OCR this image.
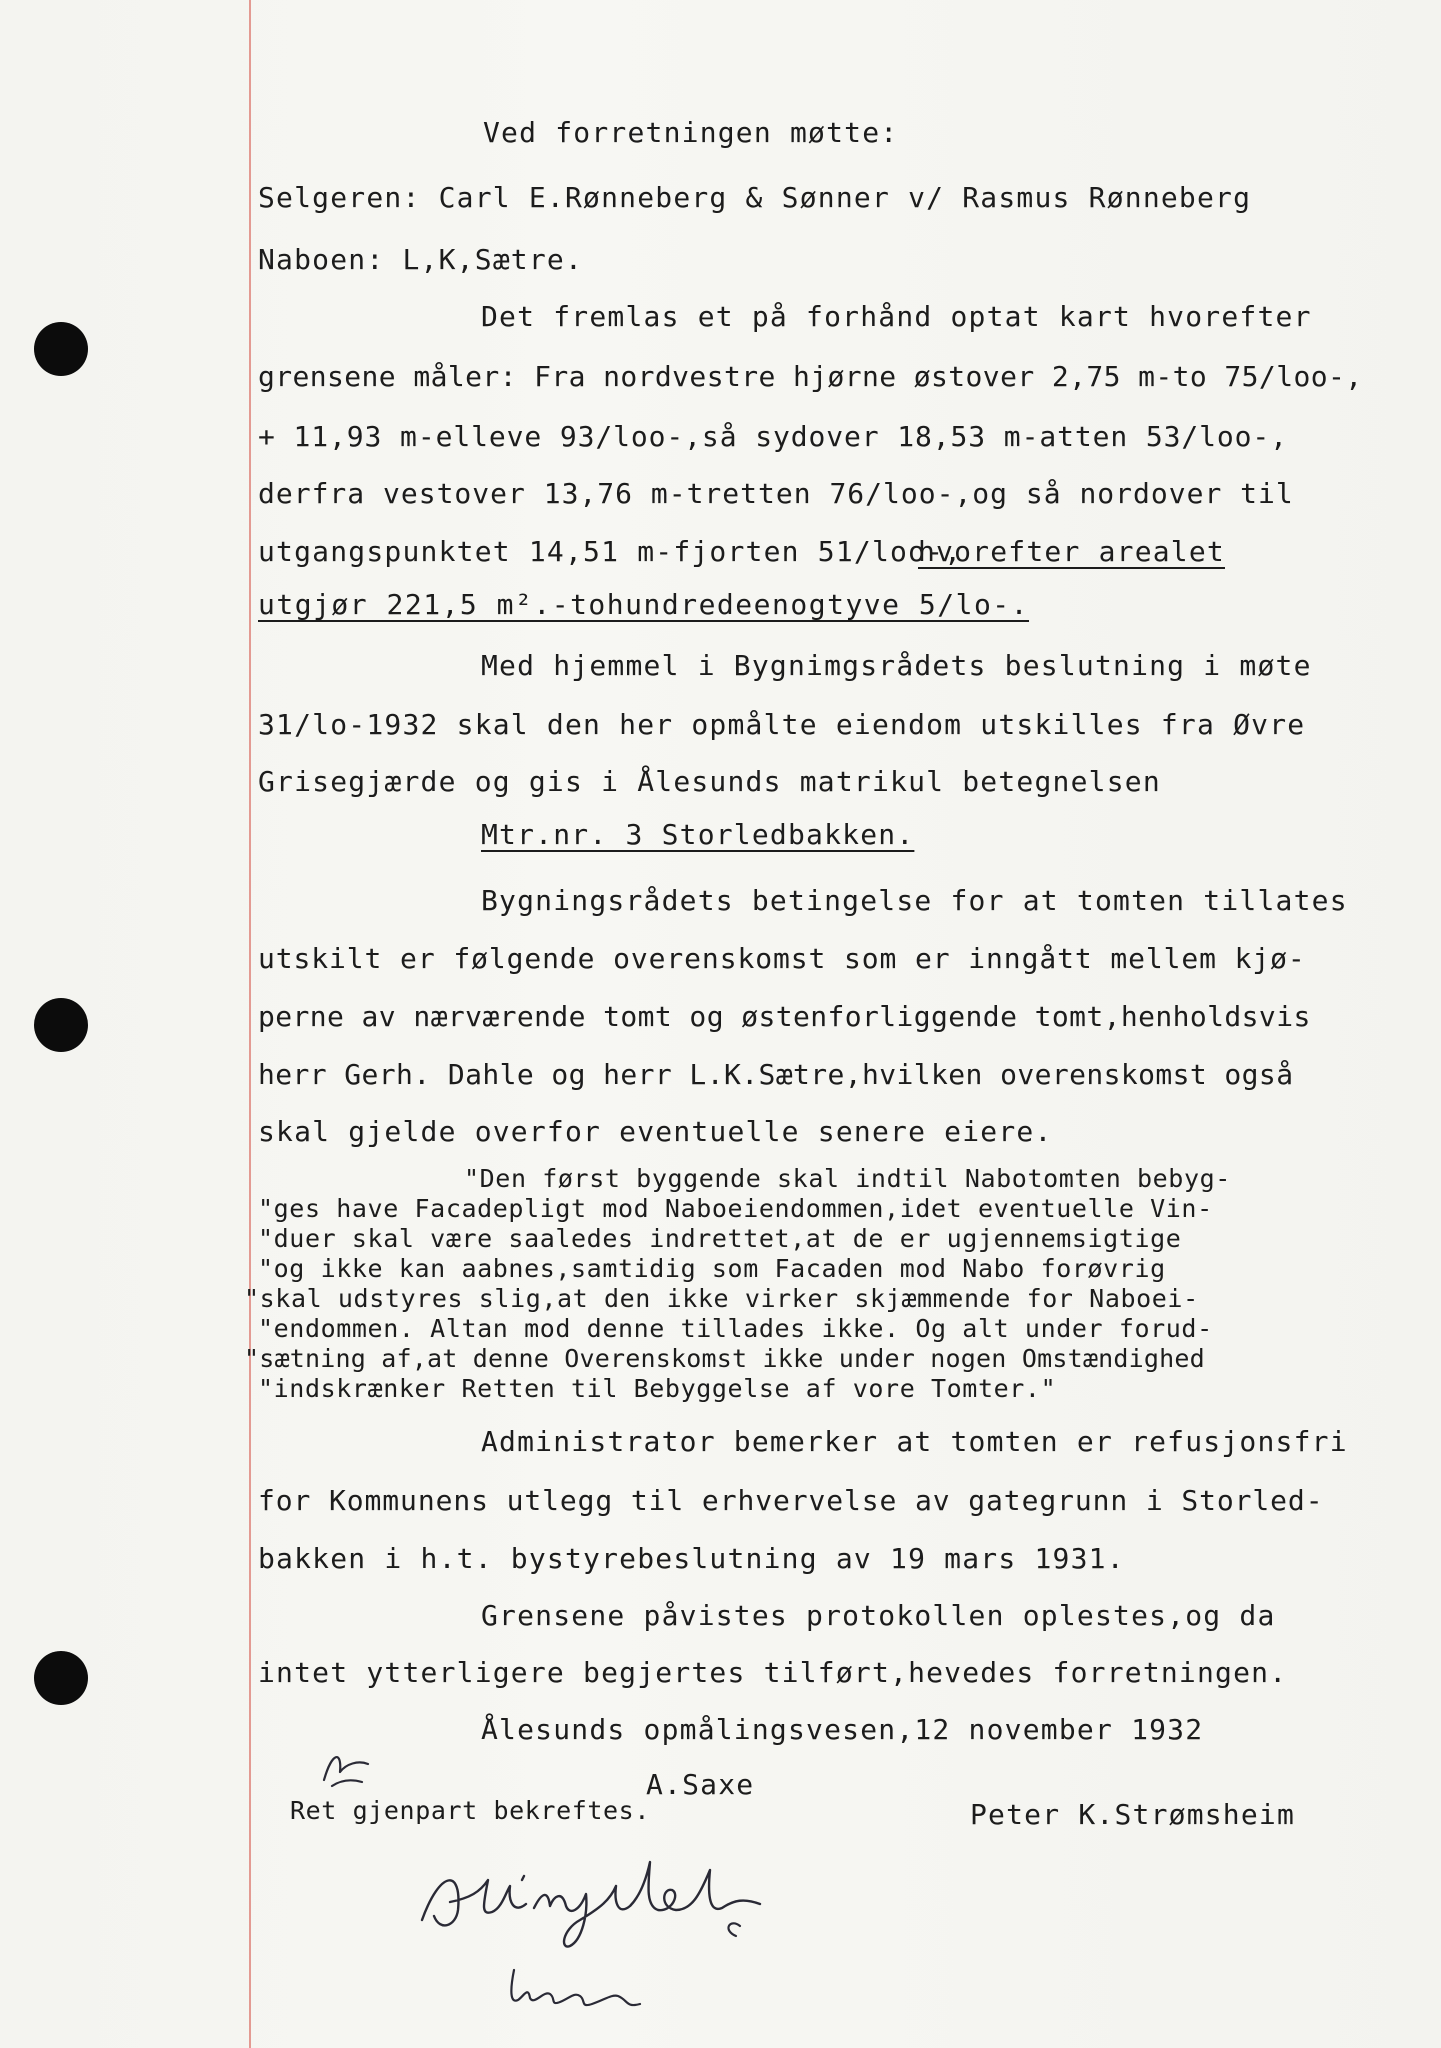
Ved forretningen møtte:
Selgeren: Carl E.Rønneberg & Sønner v/ Rasmus Rønneberg
Naboen: L,K,Sætre.
Det fremlas et på forhånd optat kart hvorefter
grensene måler: Fra nordvestre hjørne østover 2,75 m-to 75/loo-,
+ 11,93 m-elleve 93/loo-,så sydover 18,53 m-atten 53/loo-,
derfra vestover 13,76 m-tretten 76/loo-,og så nordover til
utgangspunktet 14,51 m-fjorten 51/loo-,
hvorefter arealet
utgjør 221,5 m².-tohundredeenogtyve 5/lo-.
Med hjemmel i Bygnimgsrådets beslutning i møte
31/lo-1932 skal den her opmålte eiendom utskilles fra Øvre
Grisegjærde og gis i Ålesunds matrikul betegnelsen
Mtr.nr. 3 Storledbakken.
Bygningsrådets betingelse for at tomten tillates
utskilt er følgende overenskomst som er inngått mellem kjø-
perne av nærværende tomt og østenforliggende tomt,henholdsvis
herr Gerh. Dahle og herr L.K.Sætre,hvilken overenskomst også
skal gjelde overfor eventuelle senere eiere.
"Den først byggende skal indtil Nabotomten bebyg-
"ges have Facadepligt mod Naboeiendommen,idet eventuelle Vin-
"duer skal være saaledes indrettet,at de er ugjennemsigtige
"og ikke kan aabnes,samtidig som Facaden mod Nabo forøvrig
"skal udstyres slig,at den ikke virker skjæmmende for Naboei-
"endommen. Altan mod denne tillades ikke. Og alt under forud-
"sætning af,at denne Overenskomst ikke under nogen Omstændighed
"indskrænker Retten til Bebyggelse af vore Tomter."
Administrator bemerker at tomten er refusjonsfri
for Kommunens utlegg til erhvervelse av gategrunn i Storled-
bakken i h.t. bystyrebeslutning av 19 mars 1931.
Grensene påvistes protokollen oplestes,og da
intet ytterligere begjertes tilført,hevedes forretningen.
Ålesunds opmålingsvesen,12 november 1932
A.Saxe
Ret gjenpart bekreftes.	Peter K.Strømsheim
